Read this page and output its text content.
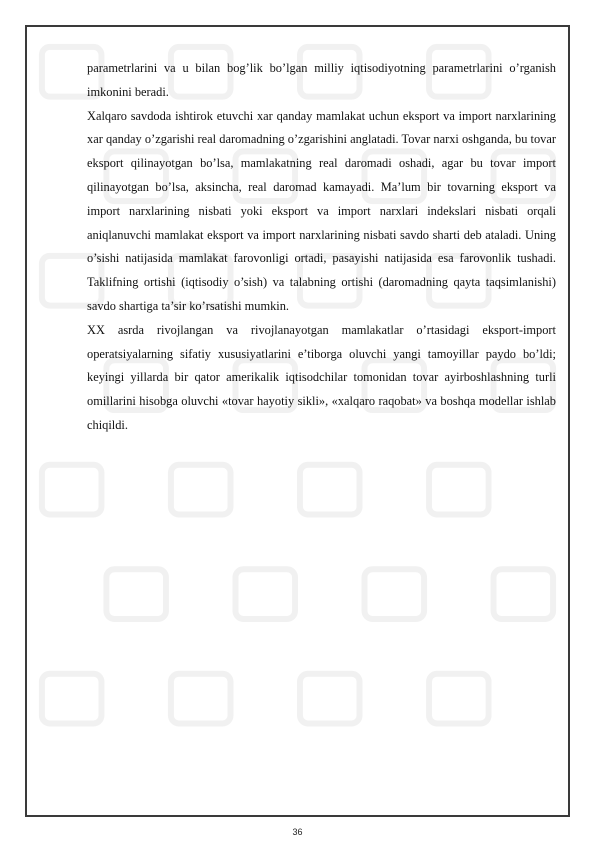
parametrlarini va u bilan bog’lik bo’lgan milliy iqtisodiyotning parametrlarini o’rganish imkonini beradi.

Xalqaro savdoda ishtirok etuvchi xar qanday mamlakat uchun eksport va import narxlarining xar qanday o’zgarishi real daromadning o’zgarishini anglatadi. Tovar narxi oshganda, bu tovar eksport qilinayotgan bo’lsa, mamlakatning real daromadi oshadi, agar bu tovar import qilinayotgan bo’lsa, aksincha, real daromad kamayadi. Ma’lum bir tovarning eksport va import narxlarining nisbati yoki eksport va import narxlari indekslari nisbati orqali aniqlanuvchi mamlakat eksport va import narxlarining nisbati savdo sharti deb ataladi. Uning o’sishi natijasida mamlakat farovonligi ortadi, pasayishi natijasida esa farovonlik tushadi. Taklifning ortishi (iqtisodiy o’sish) va talabning ortishi (daromadning qayta taqsimlanishi) savdo shartiga ta’sir ko’rsatishi mumkin.

XX asrda rivojlangan va rivojlanayotgan mamlakatlar o’rtasidagi eksport-import operatsiyalarning sifatiy xususiyatlarini e’tiborga oluvchi yangi tamoyillar paydo bo’ldi; keyingi yillarda bir qator amerikalik iqtisodchilar tomonidan tovar ayirboshlashning turli omillarini hisobga oluvchi «tovar hayotiy sikli», «xalqaro raqobat» va boshqa modellar ishlab chiqildi.

36
